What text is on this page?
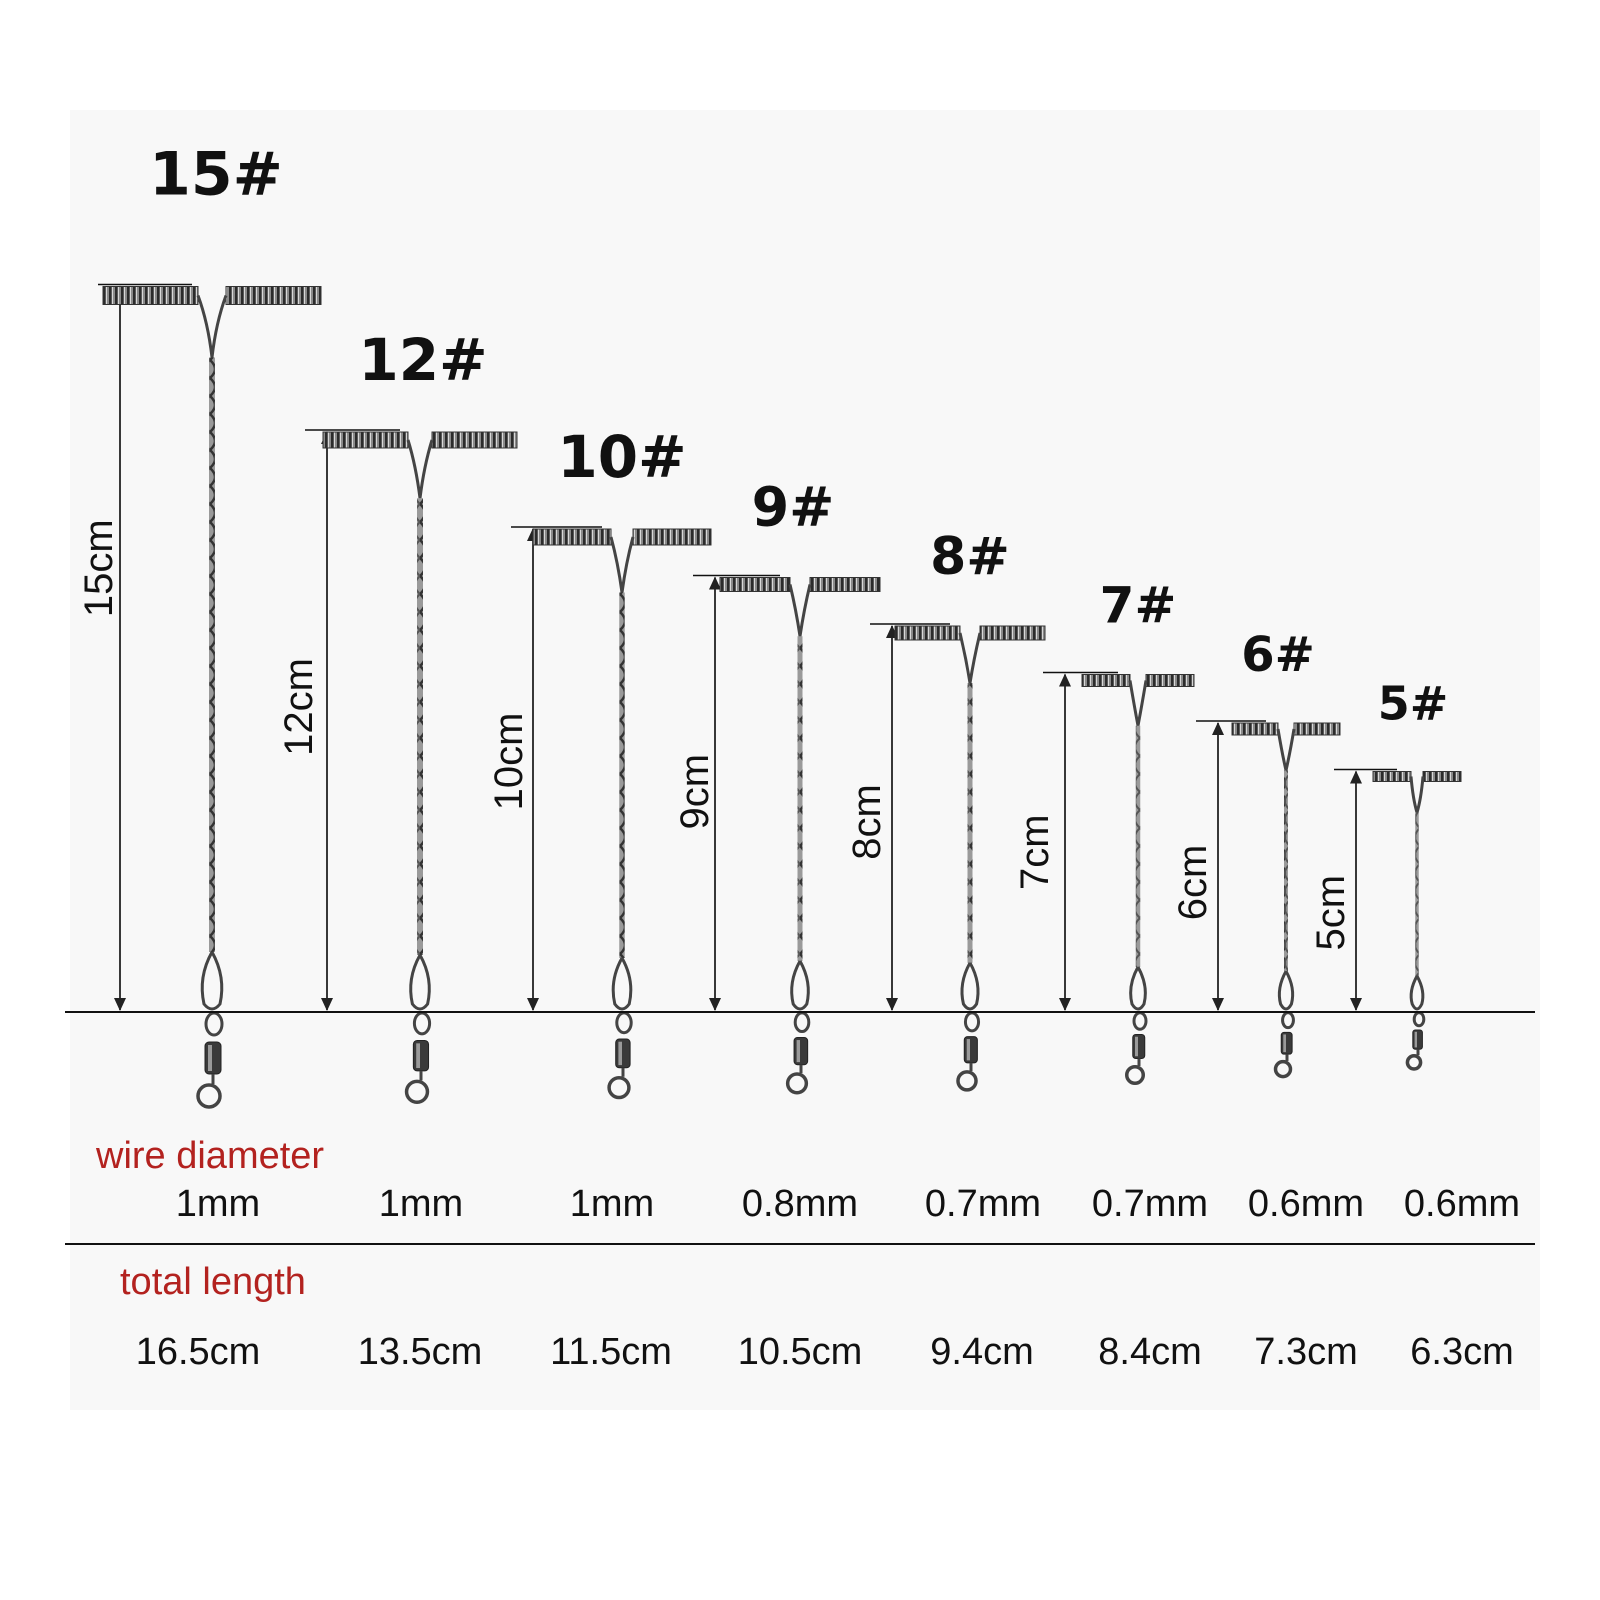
15#
15cm
12#
12cm
10#
10cm
9#
9cm
8#
8cm
7#
7cm
6#
6cm
5#
5cm
wire diameter
1mm	1mm	1mm 0.8mm 0.7mm 0.7mm 0.6mm 0.6mm
total length
16.5cm	13.5cm 11.5cm 10.5cm 9.4cm 8.4cm 7.3cm 6.3cm
